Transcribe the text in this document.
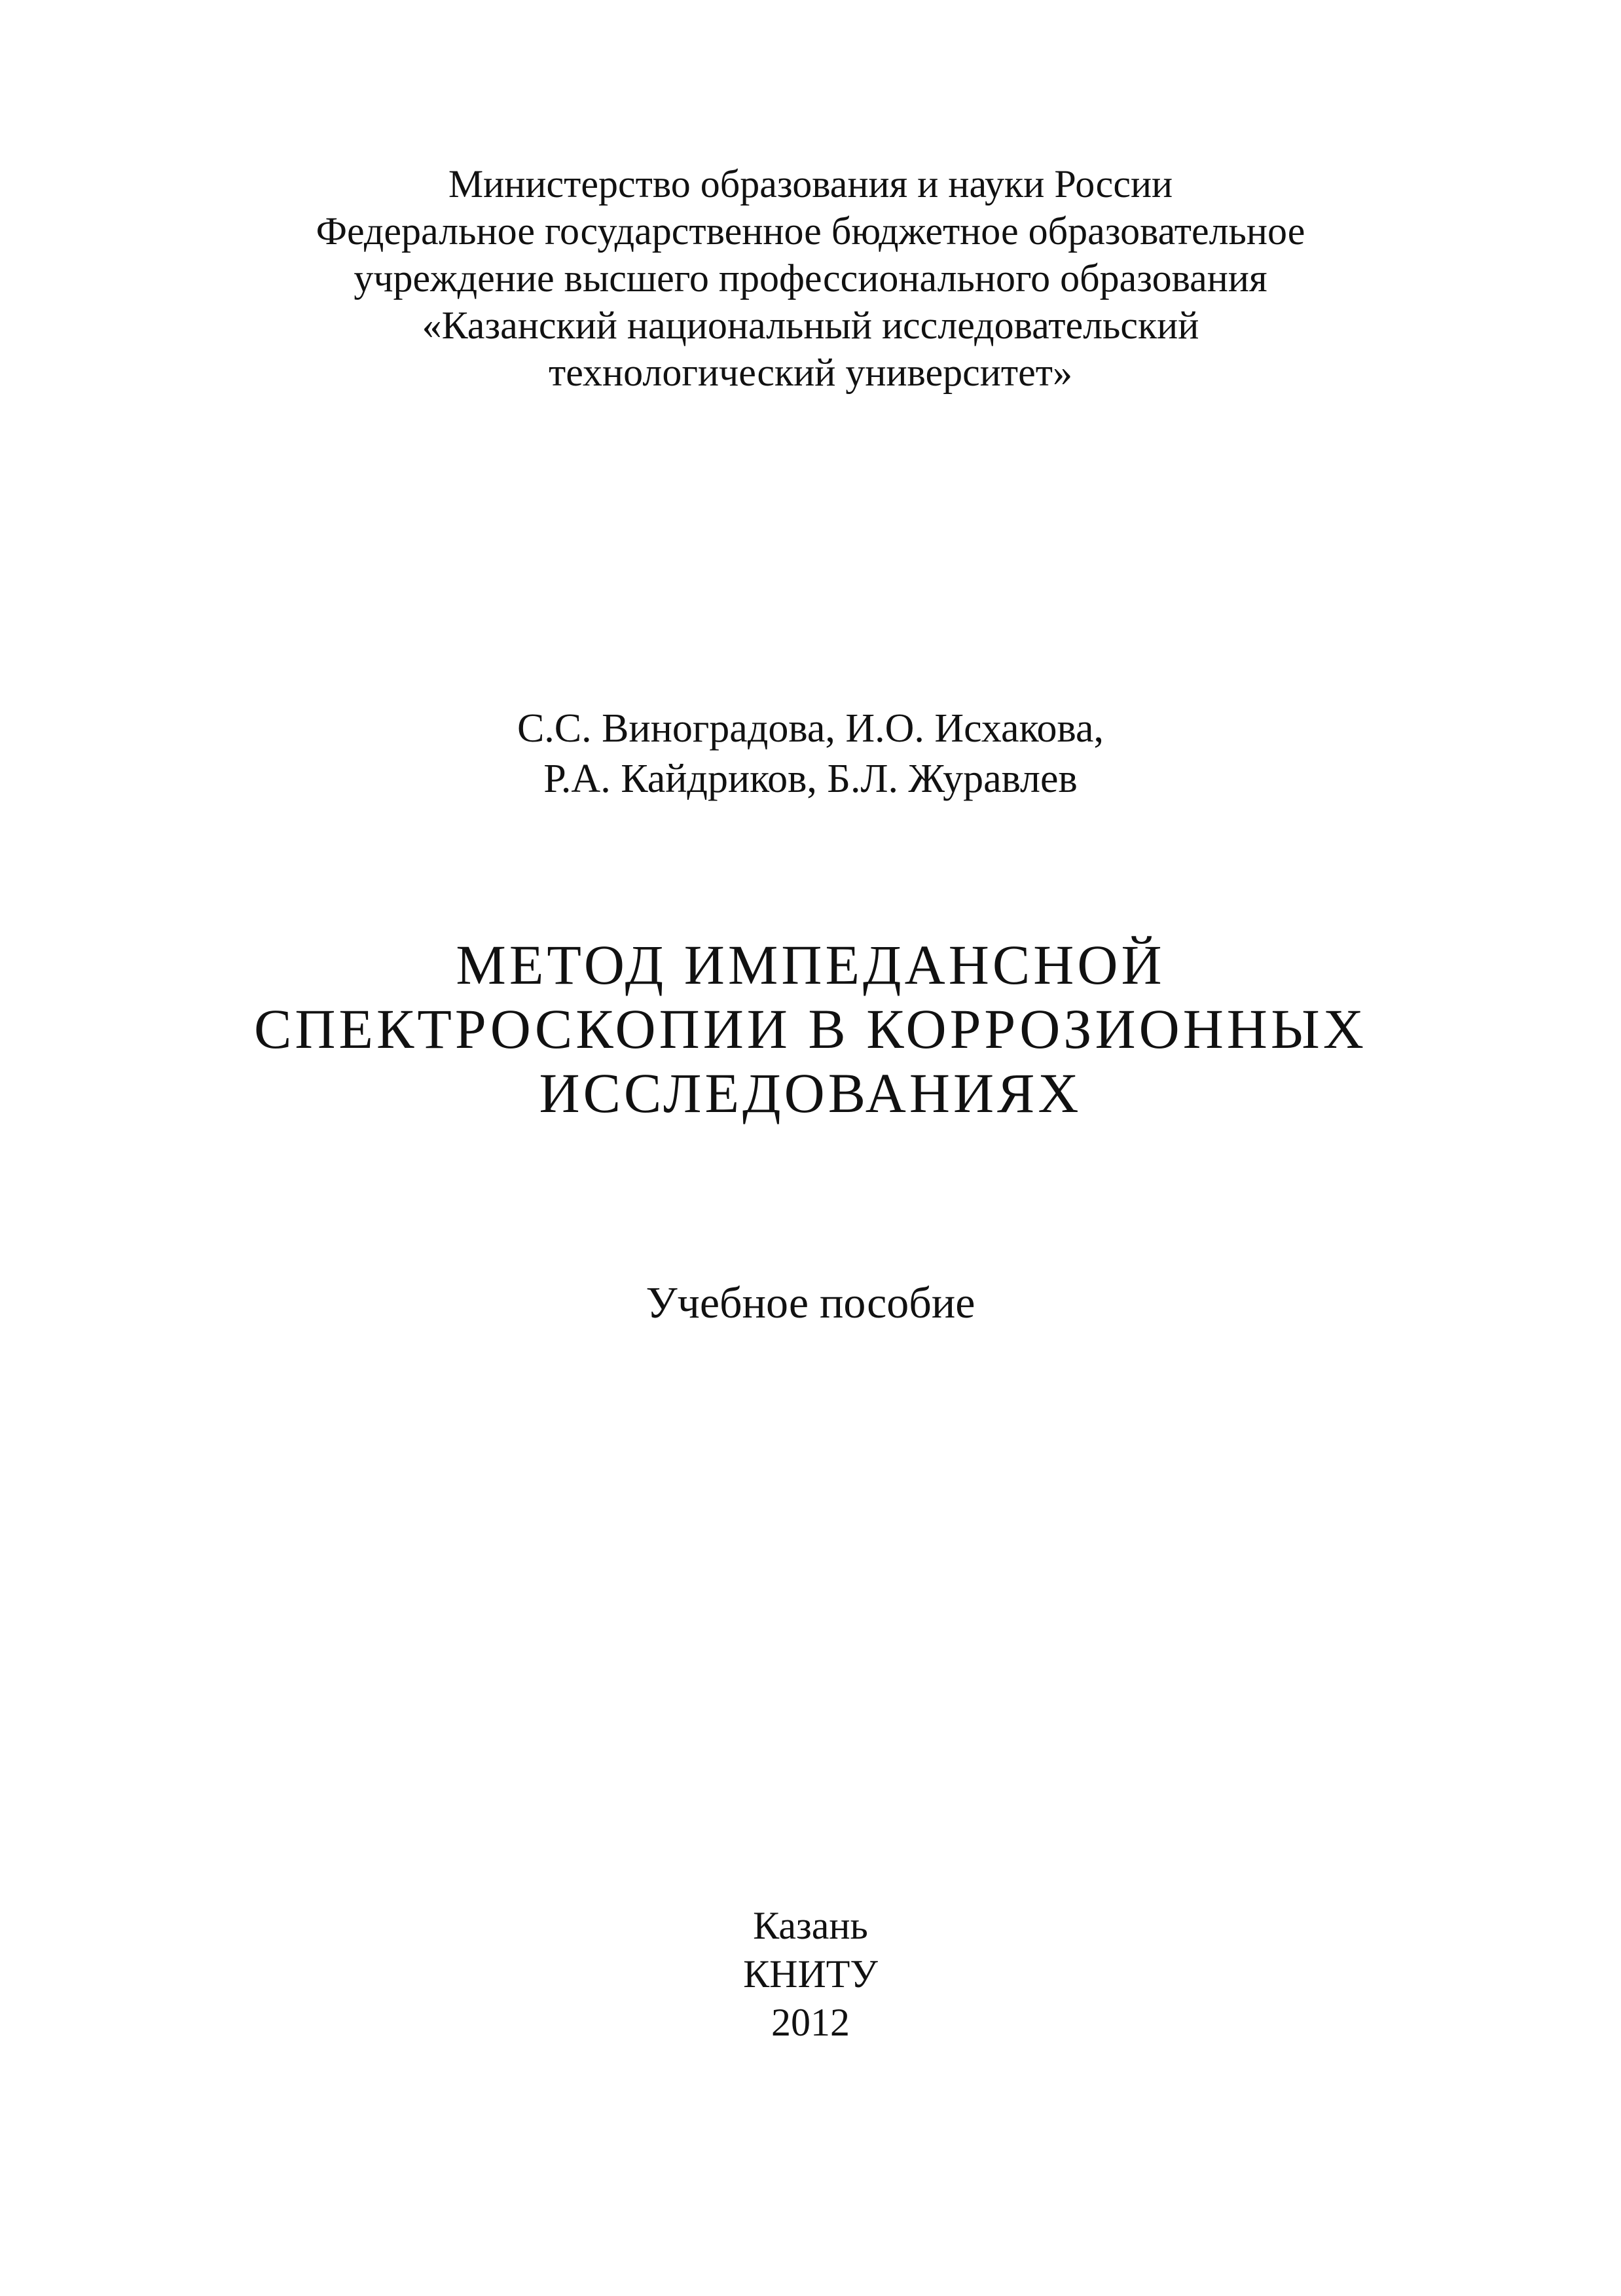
Министерство образования и науки России
Федеральное государственное бюджетное образовательное
учреждение высшего профессионального образования
«Казанский национальный исследовательский
технологический университет»
С.С. Виноградова, И.О. Исхакова,
Р.А. Кайдриков, Б.Л. Журавлев
МЕТОД ИМПЕДАНСНОЙ
СПЕКТРОСКОПИИ В КОРРОЗИОННЫХ
ИССЛЕДОВАНИЯХ
Учебное пособие
Казань
КНИТУ
2012
